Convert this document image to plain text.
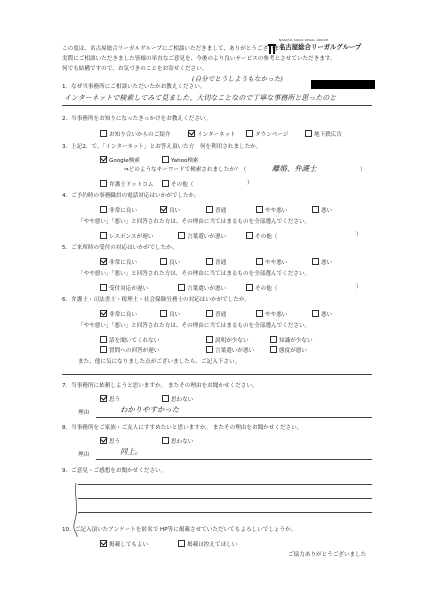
NAGOYA SOGO LEGAL GROUP
名古屋総合リーガルグループ
この度は、名古屋総合リーガルグループにご相談いただきまして、ありがとうございます。
実際にご相談いただきました皆様の率直なご意見を、今後のより良いサービスの参考とさせていただきます。
何でも結構ですので、お気づきのことをお寄せください。
1．なぜ当事務所にご相談いただいたかお教えください。
(自分でとうしようもなかった)
インターネットで検索してみて見ました、大切なことなので丁寧な事務所と思ったのと
2．当事務所をお知りになったきっかけをお教えください。
お知り合いからのご紹介	インターネット	タウンページ	地下鉄広告
3．上記2．で、「インターネット」とお答え頂いた方　何を利用されましたか。
Google検索	Yahoo検索
⇒どのようなキーワードで検索されましたか？（	離婚、弁護士	）
弁護士ドットコム	その他（	）
4．ご予約時の事務職員の電話対応はいかがでしたか。
非常に良い	良い	普通	やや悪い	悪い
「やや悪い」「悪い」と回答された方は、その理由に当てはまるものを全部選んでください。
レスポンスが遅い	言葉遣いが悪い	その他（	）
5．ご来所時の受付の対応はいかがでしたか。
非常に良い	良い	普通	やや悪い	悪い
「やや悪い」「悪い」と回答された方は、その理由に当てはまるものを全部選んでください。
受付対応が遅い	言葉遣いが悪い	その他（	）
6．弁護士・司法書士・税理士・社会保険労務士の対応はいかがでしたか。
非常に良い	良い	普通	やや悪い	悪い
「やや悪い」「悪い」と回答された方は、その理由に当てはまるものを全部選んでください。
話を聞いてくれない	説明が少ない	知識が少ない
質問への回答が遅い	言葉遣いが悪い	態度が悪い
また、他に気になりました点がございましたら、ご記入下さい。
7．当事務所に依頼しようと思いますか。 またその理由をお聞かせください。
思う	思わない
理由	わかりやすかった
8．当事務所をご家族・ご友人にすすめたいと思いますか。 またその理由をお聞かせください。
思う	思わない
理由	同上。
9．ご意見・ご感想をお聞かせください。
10．ご記入頂いたアンケートを匿名で HP等に掲載させていただいてもよろしいでしょうか。
掲載してもよい	掲載は控えてほしい
ご協力ありがとうございました
